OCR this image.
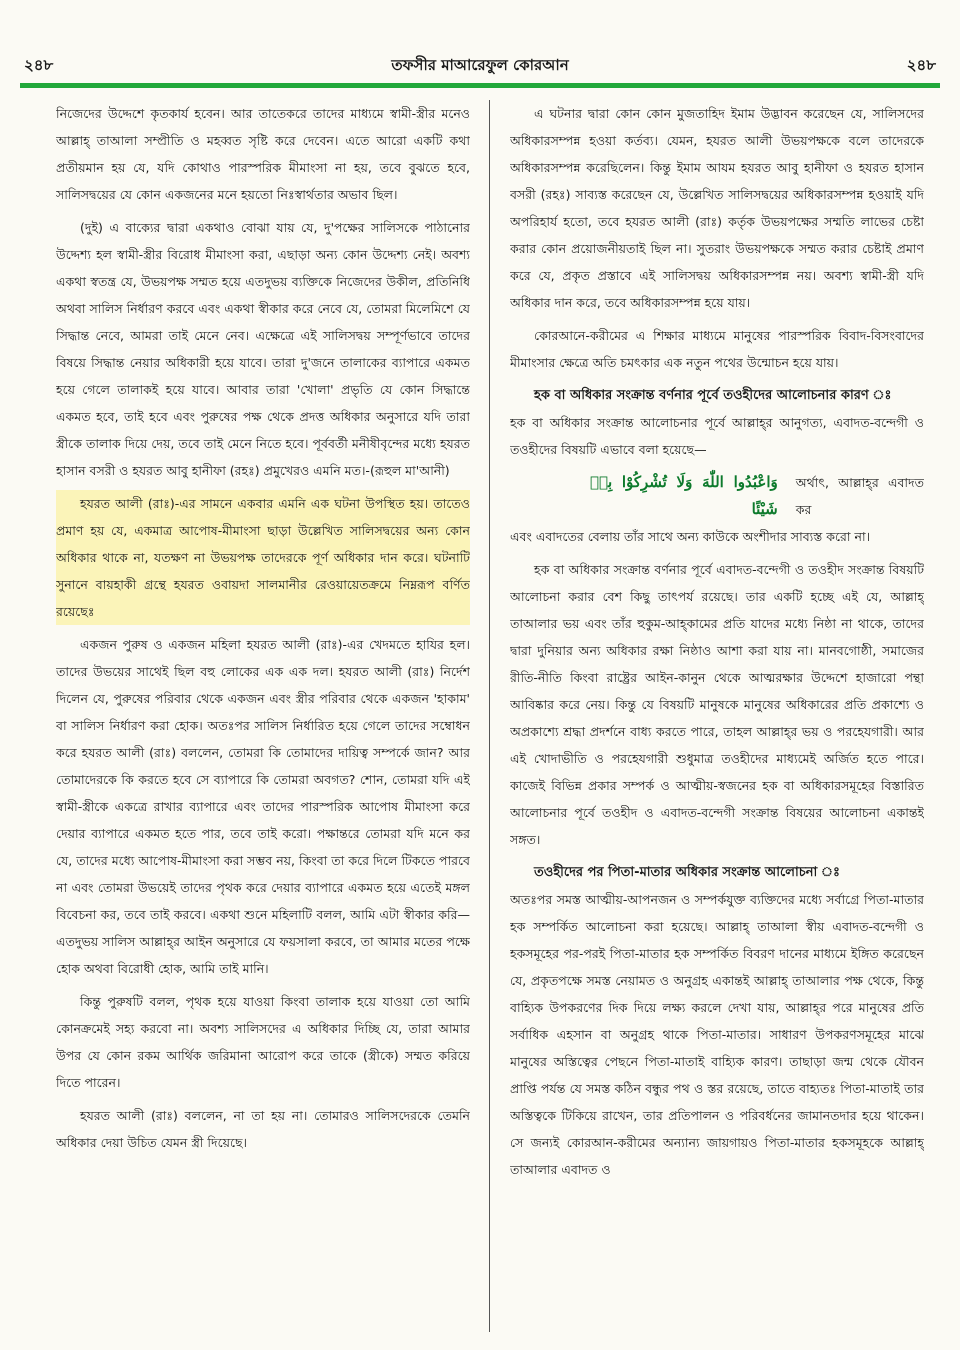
২৪৮	তফসীর মাআরেফুল কোরআন	২৪৮

নিজেদের উদ্দেশে কৃতকার্য হবেন। আর তাতেকরে তাদের মাধ্যমে স্বামী-স্ত্রীর মনেও আল্লাহ্ তাআলা সম্প্রীতি ও মহব্বত সৃষ্টি করে দেবেন। এতে আরো একটি কথা প্রতীয়মান হয় যে, যদি কোথাও পারস্পরিক মীমাংসা না হয়, তবে বুঝতে হবে, সালিসদ্বয়ের যে কোন একজনের মনে হয়তো নিঃস্বার্থতার অভাব ছিল।

(দুই) এ বাক্যের দ্বারা একথাও বোঝা যায় যে, দু'পক্ষের সালিসকে পাঠানোর উদ্দেশ্য হল স্বামী-স্ত্রীর বিরোধ মীমাংসা করা, এছাড়া অন্য কোন উদ্দেশ্য নেই। অবশ্য একথা স্বতন্ত্র যে, উভয়পক্ষ সম্মত হয়ে এতদুভয় ব্যক্তিকে নিজেদের উকীল, প্রতিনিধি অথবা সালিস নির্ধারণ করবে এবং একথা স্বীকার করে নেবে যে, তোমরা মিলেমিশে যে সিদ্ধান্ত নেবে, আমরা তাই মেনে নেব। এক্ষেত্রে এই সালিসদ্বয় সম্পূর্ণভাবে তাদের বিষয়ে সিদ্ধান্ত নেয়ার অধিকারী হয়ে যাবে। তারা দু'জনে তালাকের ব্যাপারে একমত হয়ে গেলে তালাকই হয়ে যাবে। আবার তারা 'খোলা' প্রভৃতি যে কোন সিদ্ধান্তে একমত হবে, তাই হবে এবং পুরুষের পক্ষ থেকে প্রদত্ত অধিকার অনুসারে যদি তারা স্ত্রীকে তালাক দিয়ে দেয়, তবে তাই মেনে নিতে হবে। পূর্ববর্তী মনীষীবৃন্দের মধ্যে হযরত হাসান বসরী ও হযরত আবু হানীফা (রহঃ) প্রমুখেরও এমনি মত।-(রূহুল মা'আনী)

হযরত আলী (রাঃ)-এর সামনে একবার এমনি এক ঘটনা উপস্থিত হয়। তাতেও প্রমাণ হয় যে, একমাত্র আপোষ-মীমাংসা ছাড়া উল্লেখিত সালিসদ্বয়ের অন্য কোন অধিকার থাকে না, যতক্ষণ না উভয়পক্ষ তাদেরকে পূর্ণ অধিকার দান করে। ঘটনাটি সুনানে বায়হাকী গ্রন্থে হযরত ওবায়দা সালমানীর রেওয়ায়েতক্রমে নিম্নরূপ বর্ণিত রয়েছেঃ

একজন পুরুষ ও একজন মহিলা হযরত আলী (রাঃ)-এর খেদমতে হাযির হল। তাদের উভয়ের সাথেই ছিল বহু লোকের এক এক দল। হযরত আলী (রাঃ) নির্দেশ দিলেন যে, পুরুষের পরিবার থেকে একজন এবং স্ত্রীর পরিবার থেকে একজন 'হাকাম' বা সালিস নির্ধারণ করা হোক। অতঃপর সালিস নির্ধারিত হয়ে গেলে তাদের সম্বোধন করে হযরত আলী (রাঃ) বললেন, তোমরা কি তোমাদের দায়িত্ব সম্পর্কে জান? আর তোমাদেরকে কি করতে হবে সে ব্যাপারে কি তোমরা অবগত? শোন, তোমরা যদি এই স্বামী-স্ত্রীকে একত্রে রাখার ব্যাপারে এবং তাদের পারস্পরিক আপোষ মীমাংসা করে দেয়ার ব্যাপারে একমত হতে পার, তবে তাই করো। পক্ষান্তরে তোমরা যদি মনে কর যে, তাদের মধ্যে আপোষ-মীমাংসা করা সম্ভব নয়, কিংবা তা করে দিলে টিকতে পারবে না এবং তোমরা উভয়েই তাদের পৃথক করে দেয়ার ব্যাপারে একমত হয়ে এতেই মঙ্গল বিবেচনা কর, তবে তাই করবে। একথা শুনে মহিলাটি বলল, আমি এটা স্বীকার করি— এতদুভয় সালিস আল্লাহ্‌র আইন অনুসারে যে ফয়সালা করবে, তা আমার মতের পক্ষে হোক অথবা বিরোধী হোক, আমি তাই মানি।

কিন্তু পুরুষটি বলল, পৃথক হয়ে যাওয়া কিংবা তালাক হয়ে যাওয়া তো আমি কোনক্রমেই সহ্য করবো না। অবশ্য সালিসদের এ অধিকার দিচ্ছি যে, তারা আমার উপর যে কোন রকম আর্থিক জরিমানা আরোপ করে তাকে (স্ত্রীকে) সম্মত করিয়ে দিতে পারেন।

হযরত আলী (রাঃ) বললেন, না তা হয় না। তোমারও সালিসদেরকে তেমনি অধিকার দেয়া উচিত যেমন স্ত্রী দিয়েছে।

এ ঘটনার দ্বারা কোন কোন মুজতাহিদ ইমাম উদ্ভাবন করেছেন যে, সালিসদের অধিকারসম্পন্ন হওয়া কর্তব্য। যেমন, হযরত আলী উভয়পক্ষকে বলে তাদেরকে অধিকারসম্পন্ন করেছিলেন। কিন্তু ইমাম আযম হযরত আবু হানীফা ও হযরত হাসান বসরী (রহঃ) সাব্যস্ত করেছেন যে, উল্লেখিত সালিসদ্বয়ের অধিকারসম্পন্ন হওয়াই যদি অপরিহার্য হতো, তবে হযরত আলী (রাঃ) কর্তৃক উভয়পক্ষের সম্মতি লাভের চেষ্টা করার কোন প্রয়োজনীয়তাই ছিল না। সুতরাং উভয়পক্ষকে সম্মত করার চেষ্টাই প্রমাণ করে যে, প্রকৃত প্রস্তাবে এই সালিসদ্বয় অধিকারসম্পন্ন নয়। অবশ্য স্বামী-স্ত্রী যদি অধিকার দান করে, তবে অধিকারসম্পন্ন হয়ে যায়।

কোরআনে-করীমের এ শিক্ষার মাধ্যমে মানুষের পারস্পরিক বিবাদ-বিসংবাদের মীমাংসার ক্ষেত্রে অতি চমৎকার এক নতুন পথের উন্মোচন হয়ে যায়।

হক বা অধিকার সংক্রান্ত বর্ণনার পূর্বে তওহীদের আলোচনার কারণ ঃ

হক বা অধিকার সংক্রান্ত আলোচনার পূর্বে আল্লাহ্‌র আনুগত্য, এবাদত-বন্দেগী ও তওহীদের বিষয়টি এভাবে বলা হয়েছে—

وَاعْبُدُوا اللّٰهَ وَلَا تُشْرِكُوْا بِهٖ شَيْئًا
অর্থাৎ, আল্লাহ্‌র এবাদত কর

এবং এবাদতের বেলায় তাঁর সাথে অন্য কাউকে অংশীদার সাব্যস্ত করো না।

হক বা অধিকার সংক্রান্ত বর্ণনার পূর্বে এবাদত-বন্দেগী ও তওহীদ সংক্রান্ত বিষয়টি আলোচনা করার বেশ কিছু তাৎপর্য রয়েছে। তার একটি হচ্ছে এই যে, আল্লাহ্ তাআলার ভয় এবং তাঁর হুকুম-আহ্কামের প্রতি যাদের মধ্যে নিষ্ঠা না থাকে, তাদের দ্বারা দুনিয়ার অন্য অধিকার রক্ষা নিষ্ঠাও আশা করা যায় না। মানবগোষ্ঠী, সমাজের রীতি-নীতি কিংবা রাষ্ট্রের আইন-কানুন থেকে আত্মরক্ষার উদ্দেশে হাজারো পন্থা আবিষ্কার করে নেয়। কিন্তু যে বিষয়টি মানুষকে মানুষের অধিকারের প্রতি প্রকাশ্যে ও অপ্রকাশ্যে শ্রদ্ধা প্রদর্শনে বাধ্য করতে পারে, তাহল আল্লাহ্‌র ভয় ও পরহেযগারী। আর এই খোদাভীতি ও পরহেযগারী শুধুমাত্র তওহীদের মাধ্যমেই অর্জিত হতে পারে। কাজেই বিভিন্ন প্রকার সম্পর্ক ও আত্মীয়-স্বজনের হক বা অধিকারসমূহের বিস্তারিত আলোচনার পূর্বে তওহীদ ও এবাদত-বন্দেগী সংক্রান্ত বিষয়ের আলোচনা একান্তই সঙ্গত।

তওহীদের পর পিতা-মাতার অধিকার সংক্রান্ত আলোচনা ঃ

অতঃপর সমস্ত আত্মীয়-আপনজন ও সম্পর্কযুক্ত ব্যক্তিদের মধ্যে সর্বাগ্রে পিতা-মাতার হক সম্পর্কিত আলোচনা করা হয়েছে। আল্লাহ্ তাআলা স্বীয় এবাদত-বন্দেগী ও হকসমূহের পর-পরই পিতা-মাতার হক সম্পর্কিত বিবরণ দানের মাধ্যমে ইঙ্গিত করেছেন যে, প্রকৃতপক্ষে সমস্ত নেয়ামত ও অনুগ্রহ একান্তই আল্লাহ্ তাআলার পক্ষ থেকে, কিন্তু বাহ্যিক উপকরণের দিক দিয়ে লক্ষ্য করলে দেখা যায়, আল্লাহ্‌র পরে মানুষের প্রতি সর্বাধিক এহসান বা অনুগ্রহ থাকে পিতা-মাতার। সাধারণ উপকরণসমূহের মাঝে মানুষের অস্তিত্বের পেছনে পিতা-মাতাই বাহ্যিক কারণ। তাছাড়া জন্ম থেকে যৌবন প্রাপ্তি পর্যন্ত যে সমস্ত কঠিন বন্ধুর পথ ও স্তর রয়েছে, তাতে বাহ্যতঃ পিতা-মাতাই তার অস্তিত্বকে টিকিয়ে রাখেন, তার প্রতিপালন ও পরিবর্ধনের জামানতদার হয়ে থাকেন। সে জন্যই কোরআন-করীমের অন্যান্য জায়গায়ও পিতা-মাতার হকসমূহকে আল্লাহ্ তাআলার এবাদত ও
